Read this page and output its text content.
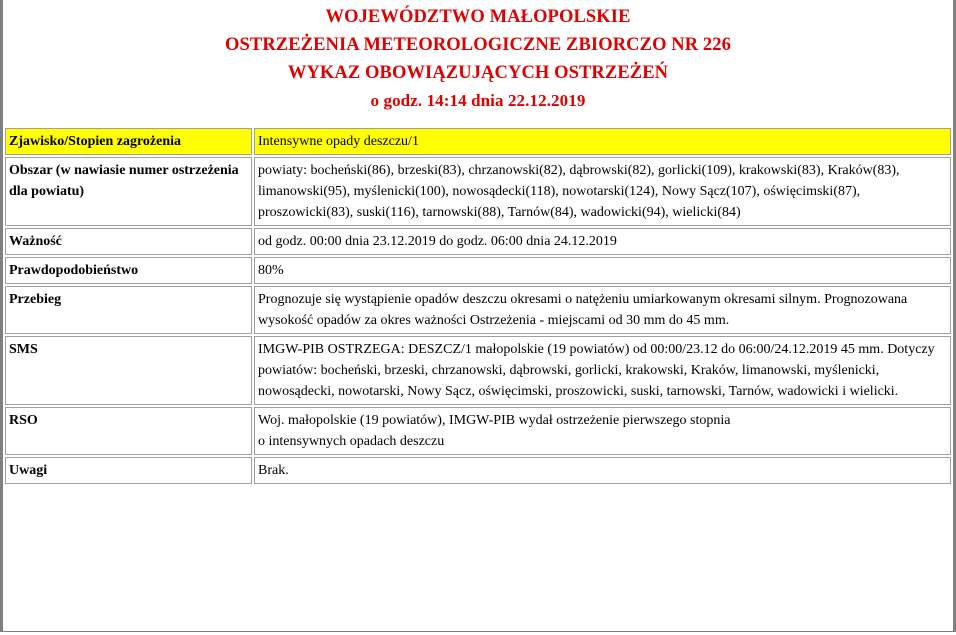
WOJEWÓDZTWO MAŁOPOLSKIE
OSTRZEŻENIA METEOROLOGICZNE ZBIORCZO NR 226
WYKAZ OBOWIĄZUJĄCYCH OSTRZEŻEŃ
o godz. 14:14 dnia 22.12.2019
Zjawisko/Stopien zagrożenia	Intensywne opady deszczu/1
Obszar (w nawiasie numer ostrzeżenia dla powiatu)	powiaty: bocheński(86), brzeski(83), chrzanowski(82), dąbrowski(82), gorlicki(109), krakowski(83), Kraków(83), limanowski(95), myślenicki(100), nowosądecki(118), nowotarski(124), Nowy Sącz(107), oświęcimski(87), proszowicki(83), suski(116), tarnowski(88), Tarnów(84), wadowicki(94), wielicki(84)
Ważność	od godz. 00:00 dnia 23.12.2019 do godz. 06:00 dnia 24.12.2019
Prawdopodobieństwo	80%
Przebieg	Prognozuje się wystąpienie opadów deszczu okresami o natężeniu umiarkowanym okresami silnym. Prognozowana wysokość opadów za okres ważności Ostrzeżenia - miejscami od 30 mm do 45 mm.
SMS	IMGW-PIB OSTRZEGA: DESZCZ/1 małopolskie (19 powiatów) od 00:00/23.12 do 06:00/24.12.2019 45 mm. Dotyczy powiatów: bocheński, brzeski, chrzanowski, dąbrowski, gorlicki, krakowski, Kraków, limanowski, myślenicki, nowosądecki, nowotarski, Nowy Sącz, oświęcimski, proszowicki, suski, tarnowski, Tarnów, wadowicki i wielicki.
RSO	Woj. małopolskie (19 powiatów), IMGW-PIB wydał ostrzeżenie pierwszego stopnia
o intensywnych opadach deszczu
Uwagi	Brak.
